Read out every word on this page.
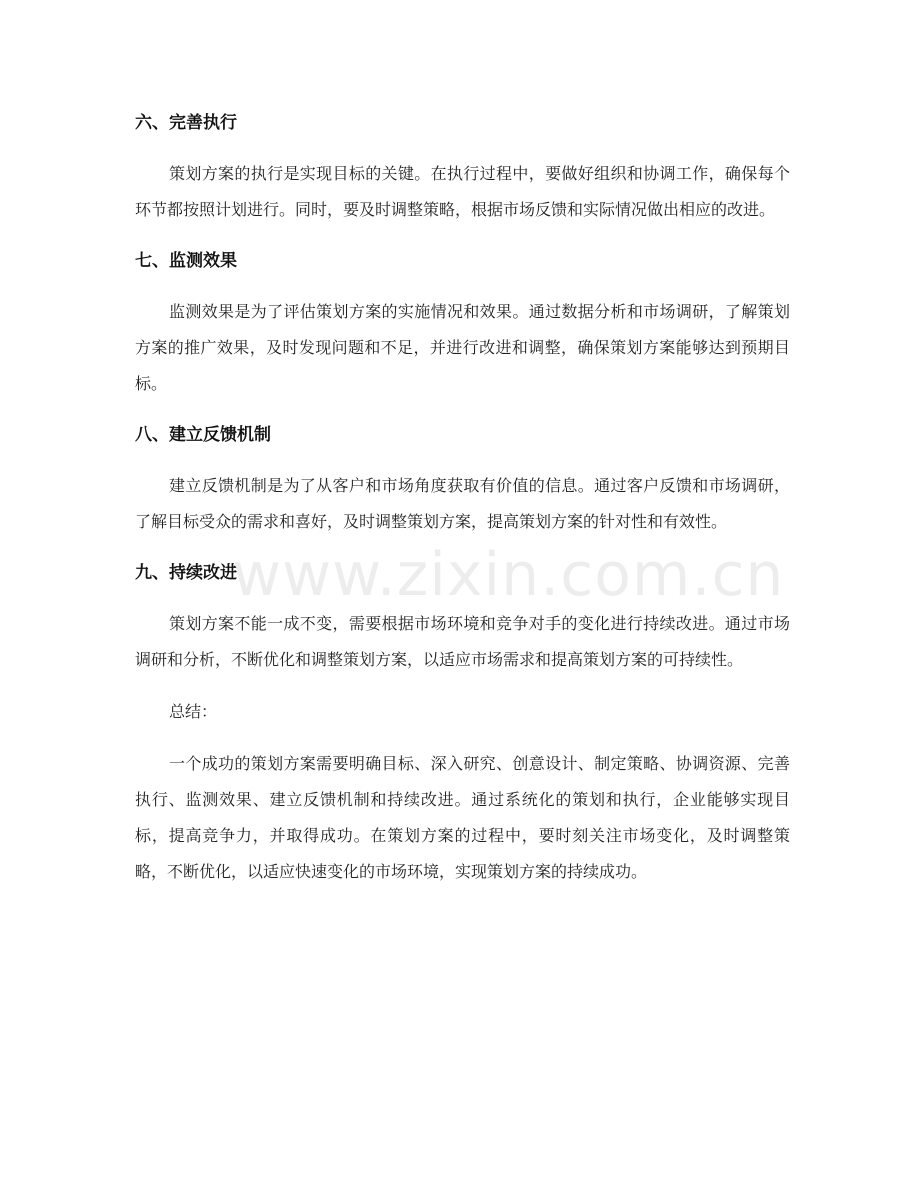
六、完善执行

策划方案的执行是实现目标的关键。在执行过程中，要做好组织和协调工作，确保每个环节都按照计划进行。同时，要及时调整策略，根据市场反馈和实际情况做出相应的改进。

七、监测效果

监测效果是为了评估策划方案的实施情况和效果。通过数据分析和市场调研，了解策划方案的推广效果，及时发现问题和不足，并进行改进和调整，确保策划方案能够达到预期目标。

八、建立反馈机制

建立反馈机制是为了从客户和市场角度获取有价值的信息。通过客户反馈和市场调研，了解目标受众的需求和喜好，及时调整策划方案，提高策划方案的针对性和有效性。

九、持续改进

策划方案不能一成不变，需要根据市场环境和竞争对手的变化进行持续改进。通过市场调研和分析，不断优化和调整策划方案，以适应市场需求和提高策划方案的可持续性。

总结：

一个成功的策划方案需要明确目标、深入研究、创意设计、制定策略、协调资源、完善执行、监测效果、建立反馈机制和持续改进。通过系统化的策划和执行，企业能够实现目标，提高竞争力，并取得成功。在策划方案的过程中，要时刻关注市场变化，及时调整策略，不断优化，以适应快速变化的市场环境，实现策划方案的持续成功。

www.zixin.com.cn
